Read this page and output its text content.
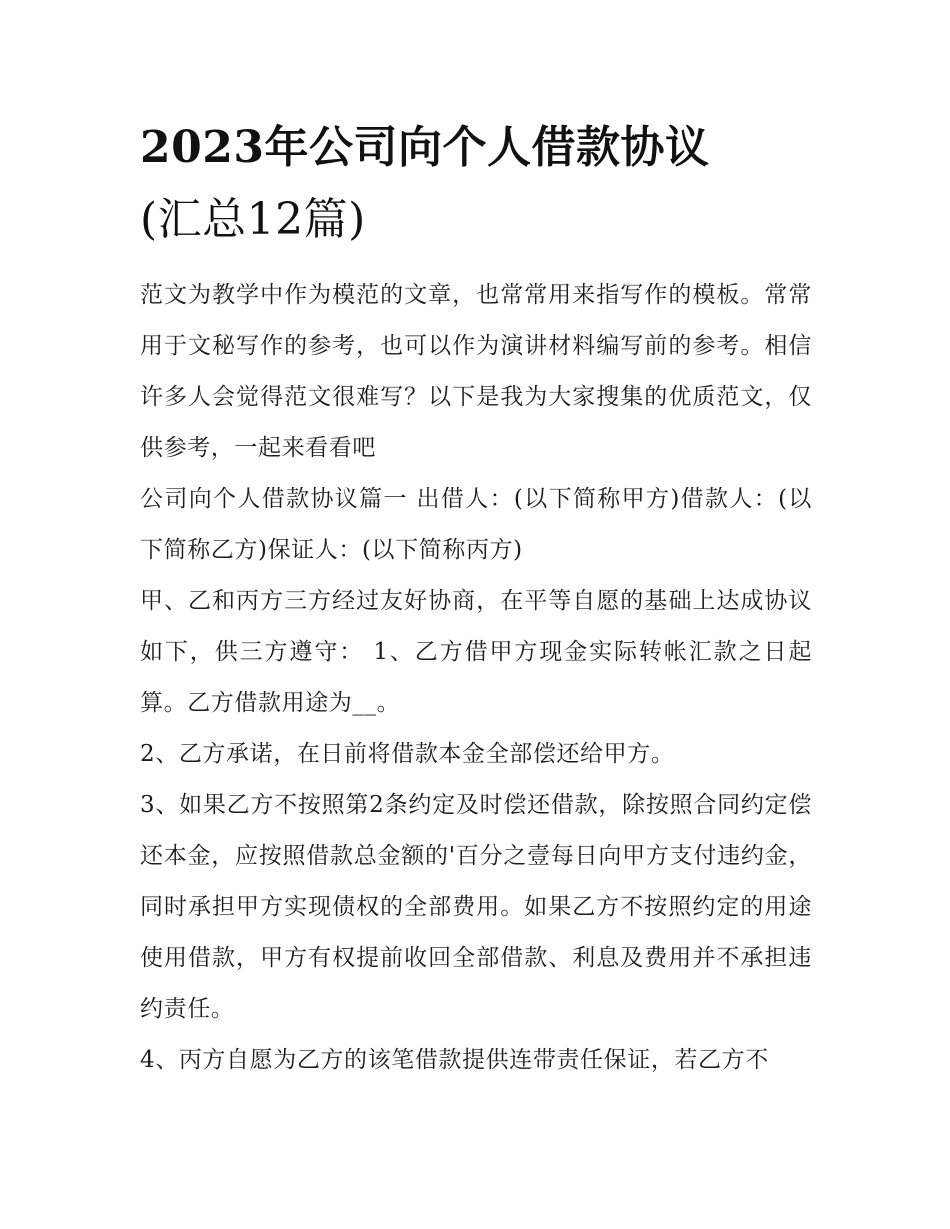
2023年公司向个人借款协议
(汇总12篇)

范文为教学中作为模范的文章，也常常用来指写作的模板。常常用于文秘写作的参考，也可以作为演讲材料编写前的参考。相信许多人会觉得范文很难写？以下是我为大家搜集的优质范文，仅供参考，一起来看看吧

公司向个人借款协议篇一 出借人：(以下简称甲方)借款人：(以下简称乙方)保证人：(以下简称丙方)

甲、乙和丙方三方经过友好协商，在平等自愿的基础上达成协议如下，供三方遵守： 1、乙方借甲方现金实际转帐汇款之日起算。乙方借款用途为__。

2、乙方承诺，在日前将借款本金全部偿还给甲方。

3、如果乙方不按照第2条约定及时偿还借款，除按照合同约定偿还本金，应按照借款总金额的'百分之壹每日向甲方支付违约金，同时承担甲方实现债权的全部费用。如果乙方不按照约定的用途使用借款，甲方有权提前收回全部借款、利息及费用并不承担违约责任。

4、丙方自愿为乙方的该笔借款提供连带责任保证，若乙方不
